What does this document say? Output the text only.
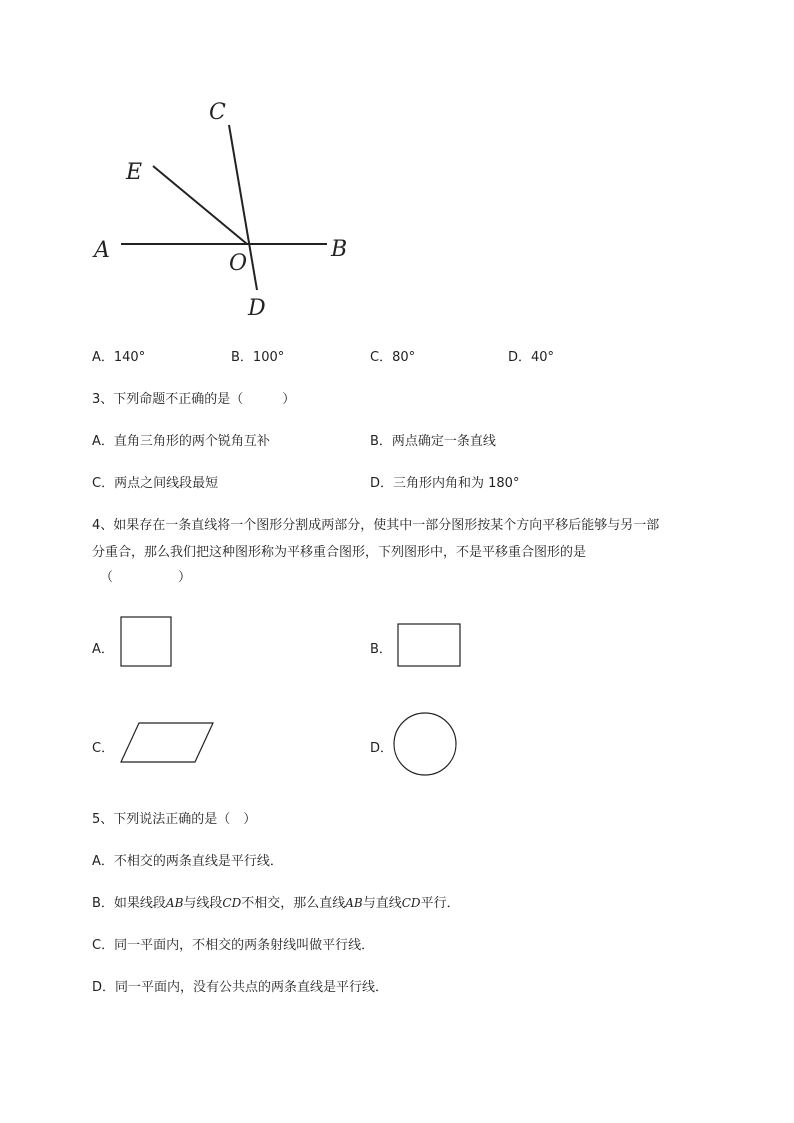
C
E
A
O
B
D
A．140°	B．100°	C．80°	D．40°
3、下列命题不正确的是（　　　）
A．直角三角形的两个锐角互补	B．两点确定一条直线
C．两点之间线段最短	D．三角形内角和为 180°
4、如果存在一条直线将一个图形分割成两部分，使其中一部分图形按某个方向平移后能够与另一部
分重合，那么我们把这种图形称为平移重合图形，下列图形中，不是平移重合图形的是
（　　　　　）
A．	B．
C．	D．
5、下列说法正确的是（　）
A．不相交的两条直线是平行线．
B．如果线段AB与线段CD不相交，那么直线AB与直线CD平行．
C．同一平面内，不相交的两条射线叫做平行线．
D．同一平面内，没有公共点的两条直线是平行线．
